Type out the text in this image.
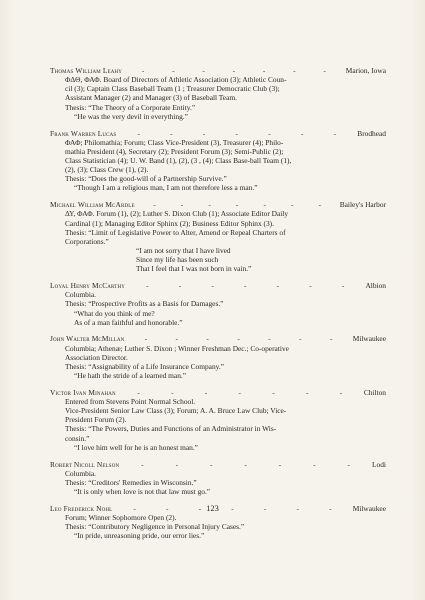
Thomas William Leahy	-	-	-	-	-	-	-	Marion, Iowa
ΦΔΘ, ΦΑΦ. Board of Directors of Athletic Association (3); Athletic Coun-
cil (3); Captain Class Baseball Team (1 ; Treasurer Democratic Club (3);
Assistant Manager (2) and Manager (3) of Baseball Team.
Thesis: “The Theory of a Corporate Entity.”
“He was the very devil in everything.”
Frank Warren Lucas	-	-	-	-	-	-	-	Brodhead
ΦΑΦ; Philomathia; Forum; Class Vice-President (3), Treasurer (4); Philo-
mathia President (4), Secretary (2); President Forum (3); Semi-Public (2);
Class Statistician (4); U. W. Band (1), (2), (3 , (4); Class Base-ball Team (1),
(2), (3); Class Crew (1), (2).
Thesis: “Does the good-will of a Partnership Survive.”
“Though I am a religious man, I am not therefore less a man.”
Michael William McArdle	-	-	-	-	-	-	-	Bailey's Harbor
ΔΥ, ΦΑΦ. Forum (1), (2); Luther S. Dixon Club (1); Associate Editor Daily
Cardinal (1); Managing Editor Sphinx (2); Business Editor Sphinx (3).
Thesis: “Limit of Legislative Power to Alter, Amend or Repeal Charters of
Corporations.”
“I am not sorry that I have lived
Since my life has been such
That I feel that I was not born in vain.”
Loyal Henry McCarthy	-	-	-	-	-	-	-	Albion
Columbia.
Thesis: “Prospective Profits as a Basis for Damages.”
“What do you think of me?
As of a man faithful and honorable.”
John Walter McMillan	-	-	-	-	-	-	-	Milwaukee
Columbia; Athenæ; Luther S. Dixon ; Winner Freshman Dec.; Co-operative
Association Director.
Thesis: “Assignability of a Life Insurance Company.”
“He hath the stride of a learned man.”
Victor Ivan Minahan	-	-	-	-	-	-	-	Chilton
Entered from Stevens Point Normal School.
Vice-President Senior Law Class (3); Forum; A. A. Bruce Law Club; Vice-
President Forum (2).
Thesis: “The Powers, Duties and Functions of an Administrator in Wis-
consin.”
“I love him well for he is an honest man.”
Robert Nicoll Nelson	-	-	-	-	-	-	-	Lodi
Columbia.
Thesis: “Creditors' Remedies in Wisconsin.”
“It is only when love is not that law must go.”
Leo Frederick Nohl	-	-	-	-	-	-	-	Milwaukee
Forum; Winner Sophomore Open (2).
Thesis: “Contributory Negligence in Personal Injury Cases.”
“In pride, unreasoning pride, our error lies.”
123
